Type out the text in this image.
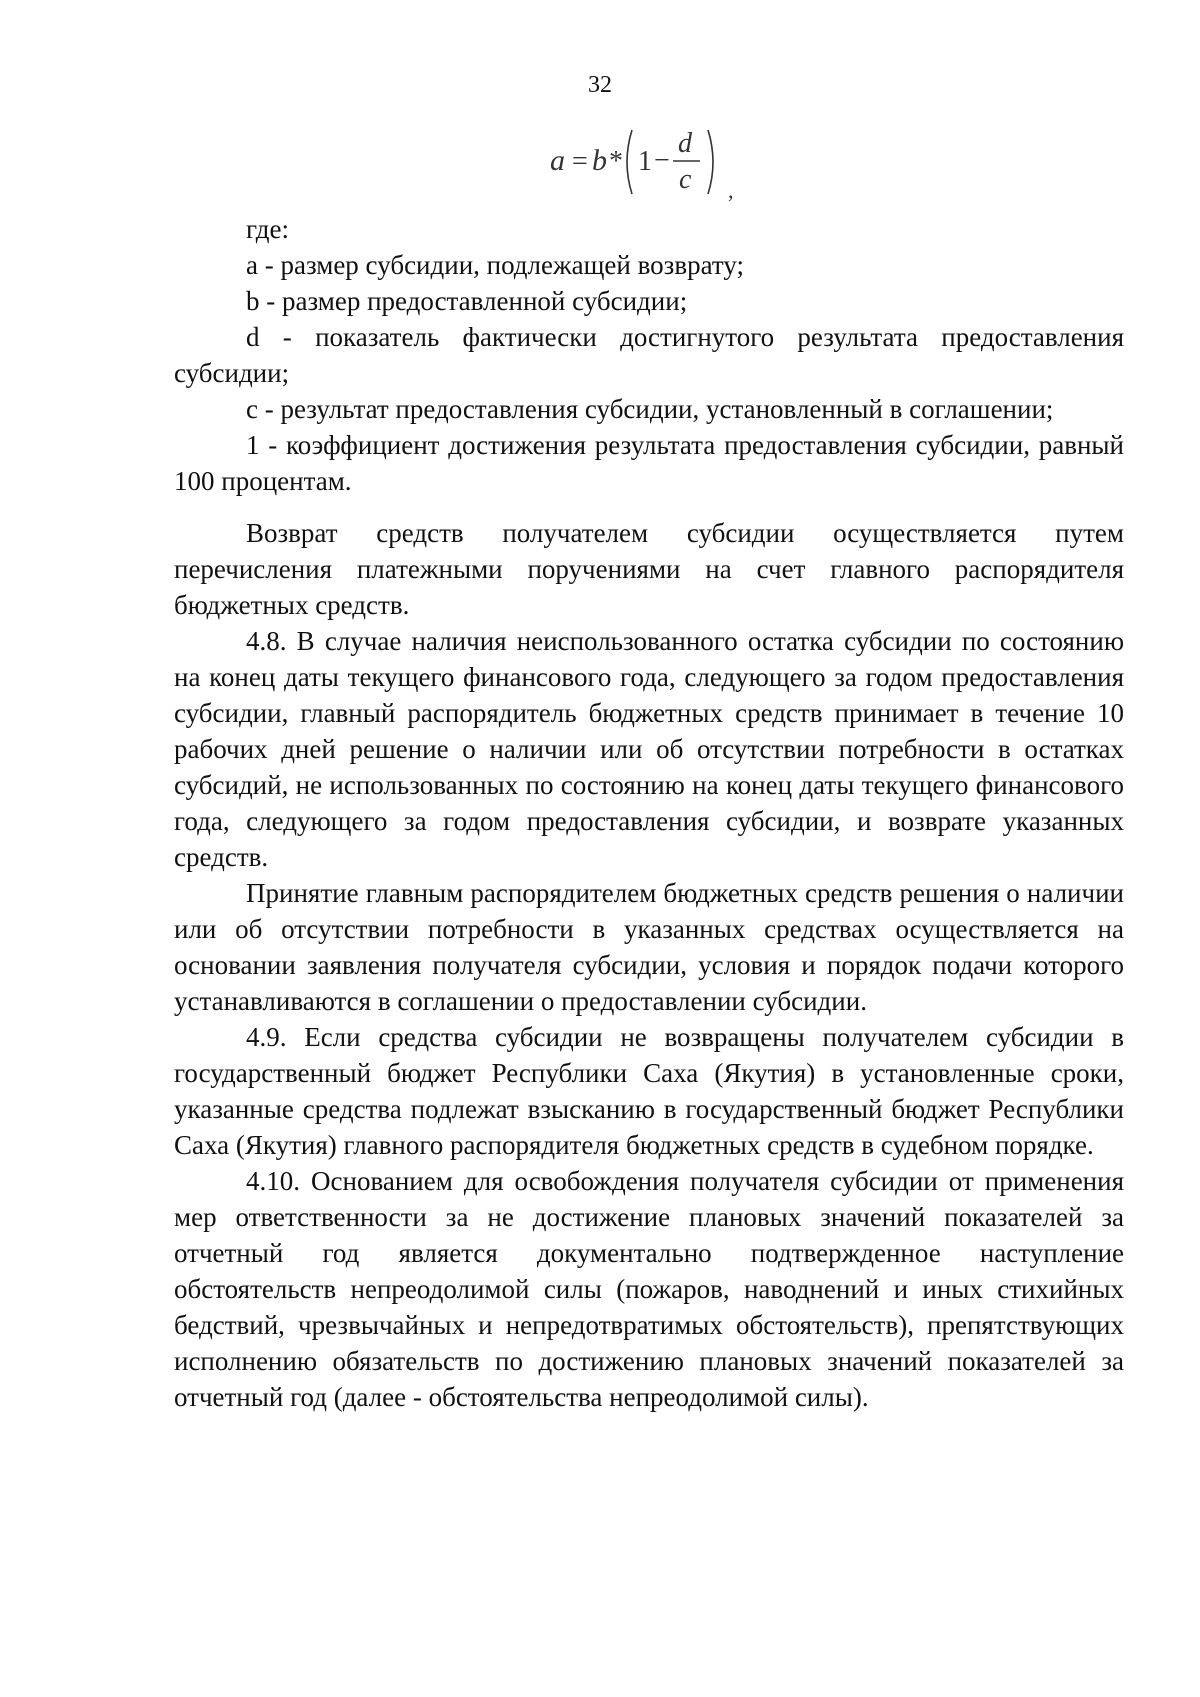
32
a = b * 1 −
d
c ,

где:

a - размер субсидии, подлежащей возврату;

b - размер предоставленной субсидии;

d - показатель фактически достигнутого результата предоставления субсидии;

c - результат предоставления субсидии, установленный в соглашении;

1 - коэффициент достижения результата предоставления субсидии, равный 100 процентам.

Возврат средств получателем субсидии осуществляется путем перечисления платежными поручениями на счет главного распорядителя бюджетных средств.

4.8. В случае наличия неиспользованного остатка субсидии по состоянию на конец даты текущего финансового года, следующего за годом предоставления субсидии, главный распорядитель бюджетных средств принимает в течение 10 рабочих дней решение о наличии или об отсутствии потребности в остатках субсидий, не использованных по состоянию на конец даты текущего финансового года, следующего за годом предоставления субсидии, и возврате указанных средств.

Принятие главным распорядителем бюджетных средств решения о наличии или об отсутствии потребности в указанных средствах осуществляется на основании заявления получателя субсидии, условия и порядок подачи которого устанавливаются в соглашении о предоставлении субсидии.

4.9. Если средства субсидии не возвращены получателем субсидии в государственный бюджет Республики Саха (Якутия) в установленные сроки, указанные средства подлежат взысканию в государственный бюджет Республики Саха (Якутия) главного распорядителя бюджетных средств в судебном порядке.

4.10. Основанием для освобождения получателя субсидии от применения мер ответственности за не достижение плановых значений показателей за отчетный год является документально подтвержденное наступление обстоятельств непреодолимой силы (пожаров, наводнений и иных стихийных бедствий, чрезвычайных и непредотвратимых обстоятельств), препятствующих исполнению обязательств по достижению плановых значений показателей за отчетный год (далее - обстоятельства непреодолимой силы).
